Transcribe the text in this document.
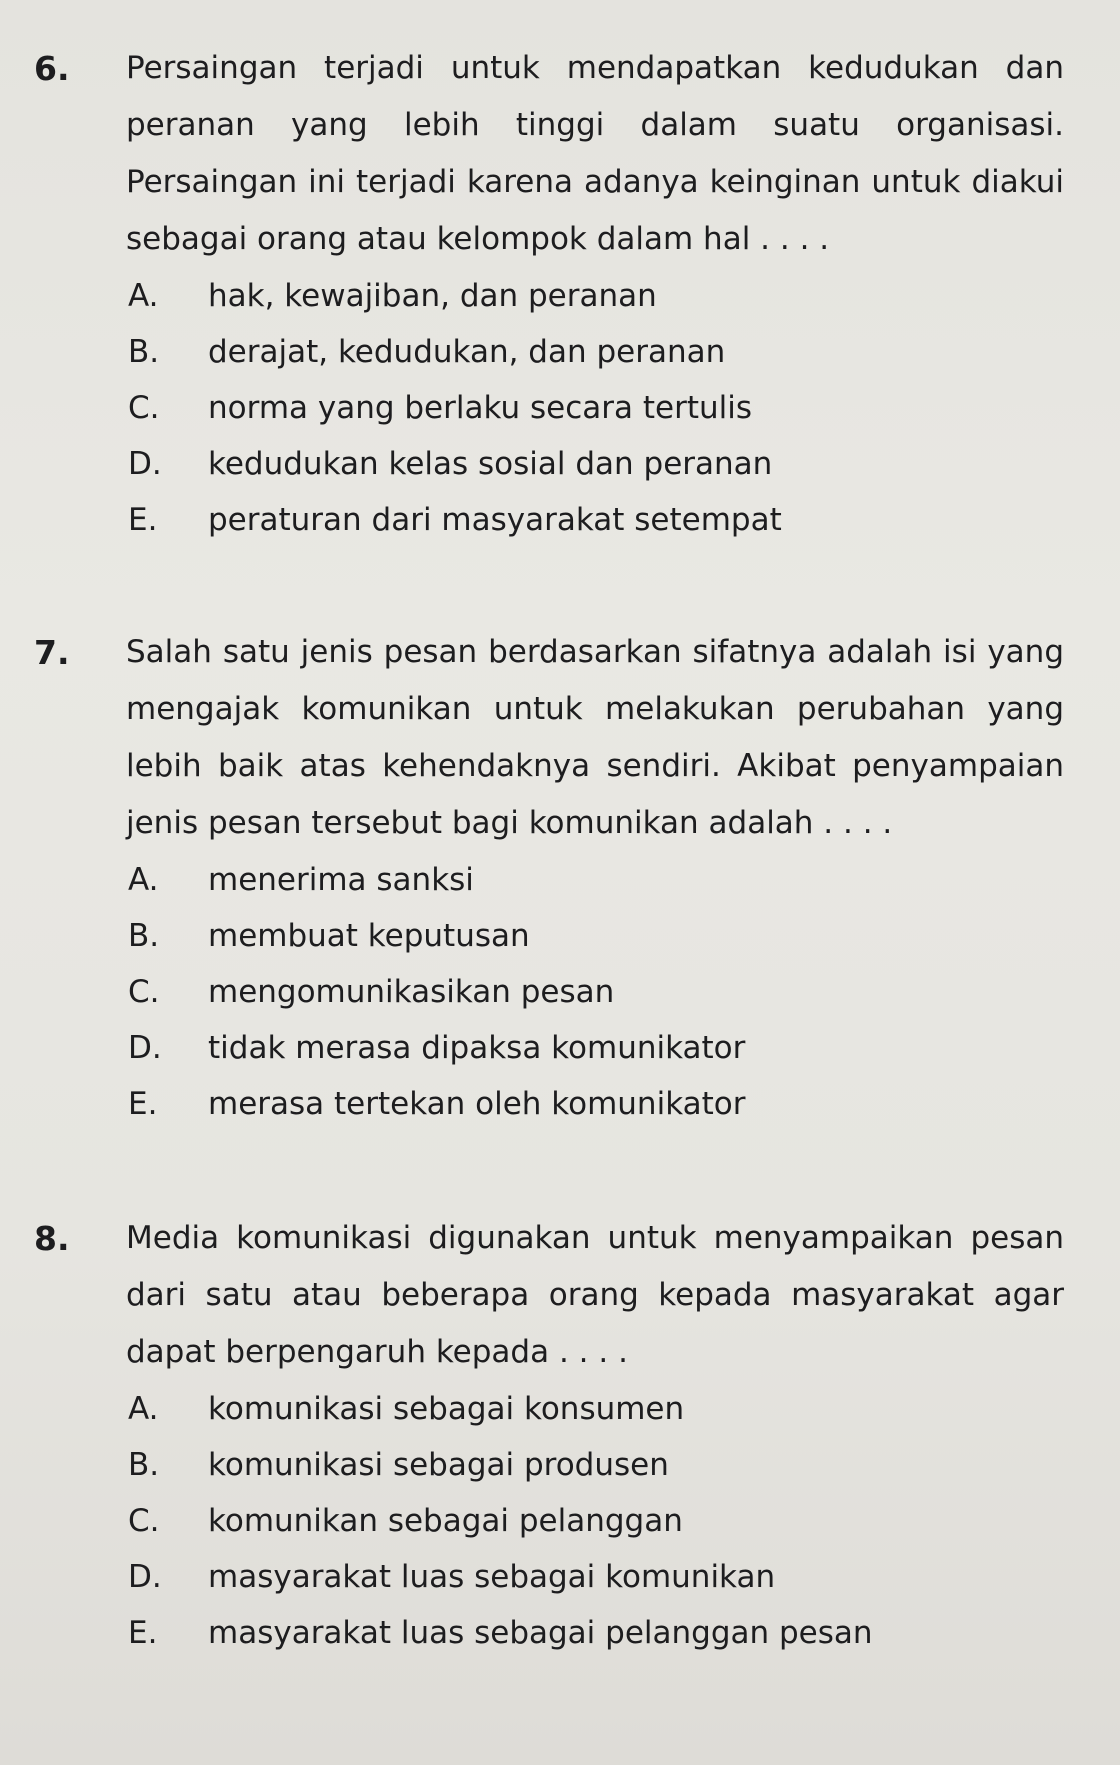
6.	Persaingan terjadi untuk mendapatkan kedudukan dan peranan yang lebih tinggi dalam suatu organisasi. Persaingan ini terjadi karena adanya keinginan untuk diakui sebagai orang atau kelompok dalam hal . . . .

A.	hak, kewajiban, dan peranan
B.	derajat, kedudukan, dan peranan
C.	norma yang berlaku secara tertulis
D.	kedudukan kelas sosial dan peranan
E.	peraturan dari masyarakat setempat
7.	Salah satu jenis pesan berdasarkan sifatnya adalah isi yang mengajak komunikan untuk melakukan perubahan yang lebih baik atas kehendaknya sendiri. Akibat penyampaian jenis pesan tersebut bagi komunikan adalah . . . .

A.	menerima sanksi
B.	membuat keputusan
C.	mengomunikasikan pesan
D.	tidak merasa dipaksa komunikator
E.	merasa tertekan oleh komunikator
8.	Media komunikasi digunakan untuk menyampaikan pesan dari satu atau beberapa orang kepada masyarakat agar dapat berpengaruh kepada . . . .

A.	komunikasi sebagai konsumen
B.	komunikasi sebagai produsen
C.	komunikan sebagai pelanggan
D.	masyarakat luas sebagai komunikan
E.	masyarakat luas sebagai pelanggan pesan
